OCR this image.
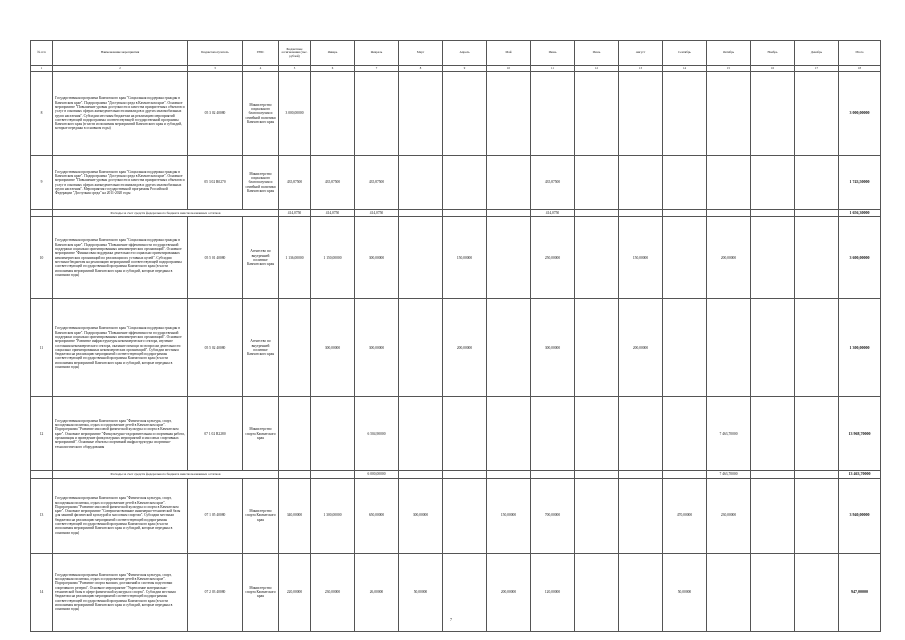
№ п/п	Наименование мероприятия	Бюджетополучатель	ГРБС	Бюджетные ассигнования (тыс. рублей)	Январь	Февраль	Март	Апрель	Май	Июнь	Июль	Август	Сентябрь	Октябрь	Ноябрь	Декабрь	Итого
1	2	3	4	5	6	7	8	9	10	11	12	13	14	15	16	17	18
8	Государственная программа Камчатского края "Социальная поддержка граждан в Камчатском крае". Подпрограмма "Доступная среда в Камчатском крае". Основное мероприятие "Повышение уровня доступности и качества приоритетных объектов и услуг в основных сферах жизнедеятельности инвалидов и других маломобильных групп населения". Субсидии местным бюджетам на реализацию мероприятий соответствующей подпрограммы соответствующей государственной программы Камчатского края (в части исполнения мероприятий Камчатского края и субсидий, которые переданы в основном годы)	05 3 02 40080	Министерство социального благополучия и семейной политики Камчатского края	3 000,00000													3 000,00000
9	Государственная программа Камчатского края "Социальная поддержка граждан в Камчатском крае". Подпрограмма "Доступная среда в Камчатском крае". Основное мероприятие "Повышение уровня доступности и качества приоритетных объектов и услуг в основных сферах жизнедеятельности инвалидов и других маломобильных групп населения". Мероприятия государственной программы Российской Федерации "Доступная среда" на 2011-2020 годы	05 3 02 R0270	Министерство социального благополучия и семейной политики Камчатского края	435,87500	435,87500	435,87500				435,87500							1 743,50000
	Расходы за счет средств федерального бюджета неиспользованных остатков			414,0750	414,0750	414,0750				414,0750							1 656,30000
10	Государственная программа Камчатского края "Социальная поддержка граждан в Камчатском крае". Подпрограмма "Повышение эффективности государственной поддержки социально ориентированных некоммерческих организаций". Основное мероприятие "Финансовая поддержка деятельности социально ориентированных некоммерческих организаций по реализации их уставных целей". Субсидии местным бюджетам на реализацию мероприятий соответствующей подпрограммы соответствующей государственной программы Камчатского края (в части исполнения мероприятий Камчатского края и субсидий, которые переданы в основном годы)	05 5 01 40080	Агентство по внутренней политике Камчатского края	1 136,00000	1 150,00000	300,00000		150,00000		250,00000		150,00000		200,00000			3 600,00000
11	Государственная программа Камчатского края "Социальная поддержка граждан в Камчатском крае". Подпрограмма "Повышение эффективности государственной поддержки социально ориентированных некоммерческих организаций". Основное мероприятие "Развитие инфраструктуры некоммерческого сектора, изучение состояния некоммерческого сектора, оказание помощи по вопросам деятельности социально ориентированных некоммерческих организаций". Субсидии местным бюджетам на реализацию мероприятий соответствующей подпрограммы соответствующей государственной программы Камчатского края (в части исполнения мероприятий Камчатского края и субсидий, которые переданы в основном годы)	05 5 02 40080	Агентство по внутренней политике Камчатского края		300,00000	300,00000		200,00000		300,00000		200,00000					1 300,00000
12	Государственная программа Камчатского края "Физическая культура, спорт, молодежная политика, отдых и оздоровление детей в Камчатском крае". Подпрограмма "Развитие массовой физической культуры и спорта в Камчатском крае". Основное мероприятие "Физкультурно-оздоровительная и спортивная работа, организация и проведение физкультурных мероприятий и массовых спортивных мероприятий". Основные объекты спортивной инфраструктуры спортивно-технологического оборудования	07 1 02 R2280	Министерство спорта Камчатского края			6 504,90000								7 463,70000			13 968,70000
	Расходы за счет средств федерального бюджета неиспользованных остатков					6 000,00000								7 463,70000			13 463,70000
13	Государственная программа Камчатского края "Физическая культура, спорт, молодежная политика, отдых и оздоровление детей в Камчатском крае". Подпрограмма "Развитие массовой физической культуры и спорта в Камчатском крае". Основное мероприятие "Совершенствование инженерно-технической базы для занятий физической культурой и массовым спортом". Субсидии местным бюджетам на реализацию мероприятий соответствующей подпрограммы соответствующей государственной программы Камчатского края (в части исполнения мероприятий Камчатского края и субсидий, которые переданы в основном годы)	07 1 05 40080	Министерство спорта Камчатского края	340,00000	1 300,00000	650,00000	300,00000		150,00000	700,00000			470,00000	230,00000			3 940,00000
14	Государственная программа Камчатского края "Физическая культура, спорт, молодежная политика, отдых и оздоровление детей в Камчатском крае". Подпрограмма "Развитие спорта высших достижений и системы подготовки спортивного резерва". Основное мероприятие "Укрепление материально-технической базы в сфере физической культуры и спорта". Субсидии местным бюджетам на реализацию мероприятий соответствующей подпрограммы соответствующей государственной программы Камчатского края (в части исполнения мероприятий Камчатского края и субсидий, которые переданы в основном годы)	07 2 03 40080	Министерство спорта Камчатского края	220,00000	230,00000	26,00000	50,00000		200,00000	120,00000			50,00000				947,00000
7
